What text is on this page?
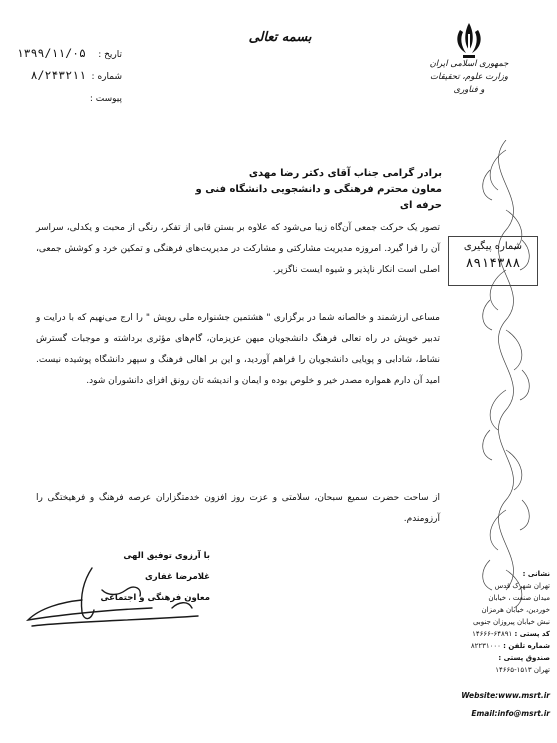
بسمه تعالی
جمهوری اسلامی ایران
وزارت علوم، تحقیقات و فناوری
تاریخ :
۱۳۹۹/۱۱/۰۵
شماره :
۸/۲۴۳۲۱۱
پیوست :
شماره پیگیری
۸۹۱۴۳۸۸
برادر گرامی جناب آقای دکتر رضا مهدی
معاون محترم فرهنگی و دانشجویی دانشگاه فنی و حرفه ای
تصور یک حرکت جمعی آن‌گاه زیبا می‌شود که علاوه بر بستن قابی از تفکر، رنگی از محبت و یکدلی، سراسر آن را فرا گیرد. امروزه مدیریت مشارکتی و مشارکت در مدیریت‌های فرهنگی و تمکین خرد و کوشش جمعی، اصلی است انکار ناپذیر و شیوه ایست ناگزیر.
مساعی ارزشمند و خالصانه شما در برگزاری " هشتمین جشنواره ملی رویش " را ارج می‌نهیم که با درایت و تدبیر خویش در راه تعالی فرهنگ دانشجویان میهن عزیزمان، گام‌های مؤثری برداشته و موجبات گسترش نشاط، شادابی و پویایی دانشجویان را فراهم آوردید، و این بر اهالی فرهنگ و سپهر دانشگاه پوشیده نیست. امید آن دارم همواره مصدر خیر و خلوص بوده و ایمان و اندیشه تان رونق افزای دانشوران شود.
از ساحت حضرت سمیع سبحان، سلامتی و عزت روز افزون خدمتگزاران عرصه فرهنگ و فرهیختگی را آرزومندم.
با آرزوی توفیق الهی
غلامرضا غفاری
معاون فرهنگی و اجتماعی
نشانی :
تهران شهرک قدس
میدان صنعت ، خیابان
خوردین، خیابان هرمزان
نبش خیابان پیروزان جنوبی
کد پستی : ۶۴۸۹۱-۱۴۶۶۶
شماره تلفن : ۸۲۲۳۱۰۰۰
صندوق پستی :
تهران ۱۵۱۳-۱۴۶۶۵
Website:www.msrt.ir
Email:info@msrt.ir
